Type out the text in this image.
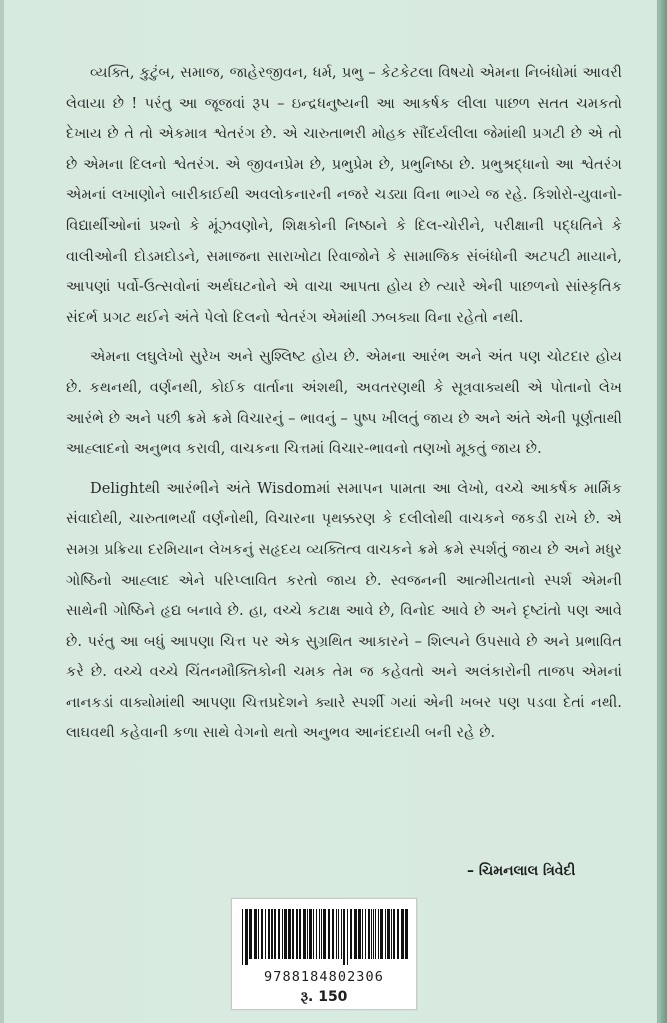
વ્યક્તિ, કુટુંબ, સમાજ, જાહેરજીવન, ધર્મ, પ્રભુ – કેટકેટલા વિષયો એમના નિબંધોમાં આવરી લેવાયા છે ! પરંતુ આ જૂજવાં રૂપ – ઇન્દ્રધનુષ્યની આ આકર્ષક લીલા પાછળ સતત ચમકતો દેખાય છે તે તો એકમાત્ર શ્વેતરંગ છે. એ ચારુતાભરી મોહક સૌંદર્યલીલા જેમાંથી પ્રગટી છે એ તો છે એમના દિલનો શ્વેતરંગ. એ જીવનપ્રેમ છે, પ્રભુપ્રેમ છે, પ્રભુનિષ્ઠા છે. પ્રભુશ્રદ્ધાનો આ શ્વેતરંગ એમનાં લખાણોને બારીકાઈથી અવલોકનારની નજરે ચડ્યા વિના ભાગ્યે જ રહે. કિશોરો-યુવાનો-વિદ્યાર્થીઓનાં પ્રશ્નો કે મૂંઝવણોને, શિક્ષકોની નિષ્ઠાને કે દિલ-ચોરીને, પરીક્ષાની પદ્ધતિને કે વાલીઓની દોડમદોડને, સમાજના સારાખોટા રિવાજોને કે સામાજિક સંબંધોની અટપટી માયાને, આપણાં પર્વો-ઉત્સવોનાં અર્થઘટનોને એ વાચા આપતા હોય છે ત્યારે એની પાછળનો સાંસ્કૃતિક સંદર્ભ પ્રગટ થઈને અંતે પેલો દિલનો શ્વેતરંગ એમાંથી ઝબક્યા વિના રહેતો નથી.

એમના લઘુલેખો સુરેખ અને સુશ્લિષ્ટ હોય છે. એમના આરંભ અને અંત પણ ચોટદાર હોય છે. કથનથી, વર્ણનથી, કોઈક વાર્તાના અંશથી, અવતરણથી કે સૂત્રવાક્યથી એ પોતાનો લેખ આરંભે છે અને પછી ક્રમે ક્રમે વિચારનું – ભાવનું – પુષ્પ ખીલતું જાય છે અને અંતે એની પૂર્ણતાથી આહ્લાદનો અનુભવ કરાવી, વાચકના ચિત્તમાં વિચાર-ભાવનો તણખો મૂકતું જાય છે.

Delightથી આરંભીને અંતે Wisdomમાં સમાપન પામતા આ લેખો, વચ્ચે આકર્ષક માર્મિક સંવાદોથી, ચારુતાભર્યાં વર્ણનોથી, વિચારના પૃથક્કરણ કે દલીલોથી વાચકને જકડી રાખે છે. એ સમગ્ર પ્રક્રિયા દરમિયાન લેખકનું સહૃદય વ્યક્તિત્વ વાચકને ક્રમે ક્રમે સ્પર્શતું જાય છે અને મધુર ગોષ્ઠિનો આહ્લાદ એને પરિપ્લાવિત કરતો જાય છે. સ્વજનની આત્મીયતાનો સ્પર્શ એમની સાથેની ગોષ્ઠિને હૃદ્ય બનાવે છે. હા, વચ્ચે કટાક્ષ આવે છે, વિનોદ આવે છે અને દૃષ્ટાંતો પણ આવે છે. પરંતુ આ બધું આપણા ચિત્ત પર એક સુગ્રથિત આકારને – શિલ્પને ઉપસાવે છે અને પ્રભાવિત કરે છે. વચ્ચે વચ્ચે ચિંતનમૌક્તિકોની ચમક તેમ જ કહેવતો અને અલંકારોની તાજપ એમનાં નાનકડાં વાક્યોમાંથી આપણા ચિત્તપ્રદેશને ક્યારે સ્પર્શી ગયાં એની ખબર પણ પડવા દેતાં નથી. લાઘવથી કહેવાની કળા સાથે વેગનો થતો અનુભવ આનંદદાયી બની રહે છે.

– ચિમનલાલ ત્રિવેદી
9788184802306
રૂ. 150
